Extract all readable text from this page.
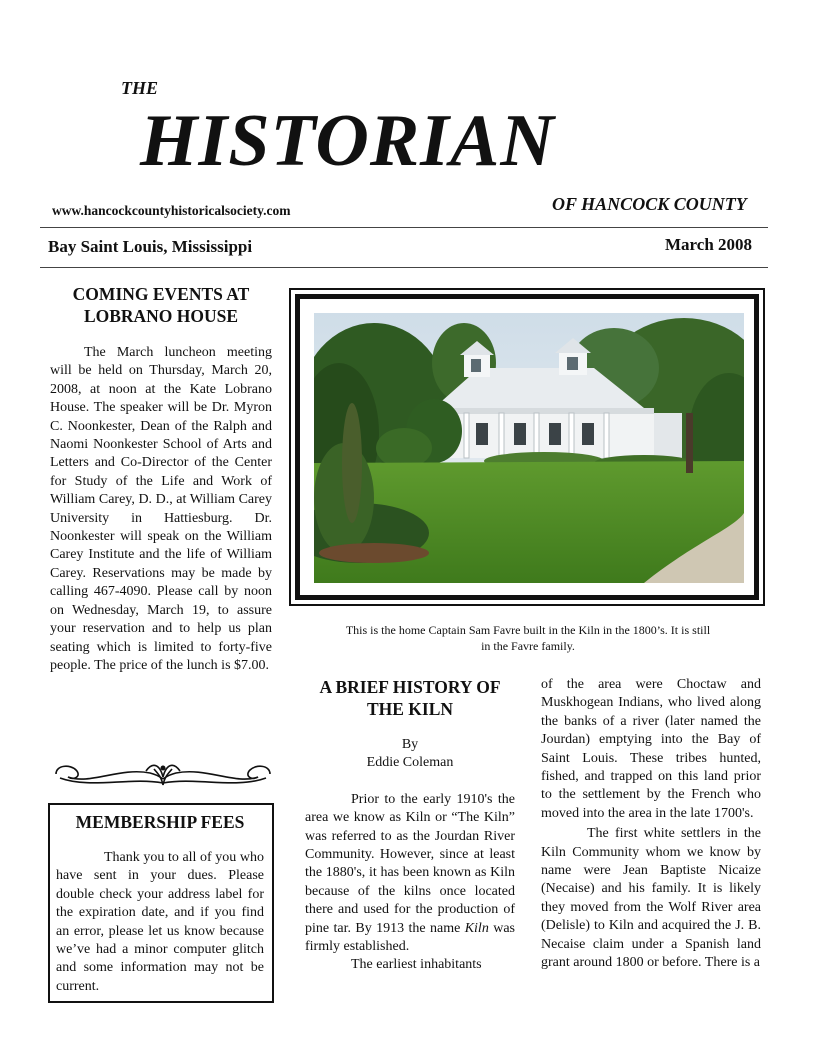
THE
HISTORIAN
www.hancockcountyhistoricalsociety.com	OF HANCOCK COUNTY
Bay Saint Louis, Mississippi	March 2008
COMING EVENTS AT LOBRANO HOUSE

The March luncheon meeting will be held on Thursday, March 20, 2008, at noon at the Kate Lobrano House. The speaker will be Dr. Myron C. Noonkester, Dean of the Ralph and Naomi Noonkester School of Arts and Letters and Co-Director of the Center for Study of the Life and Work of William Carey, D. D., at William Carey University in Hattiesburg. Dr. Noonkester will speak on the William Carey Institute and the life of William Carey. Reservations may be made by calling 467-4090. Please call by noon on Wednesday, March 19, to assure your reservation and to help us plan seating which is limited to forty-five people. The price of the lunch is $7.00.

MEMBERSHIP FEES

Thank you to all of you who have sent in your dues. Please double check your address label for the expiration date, and if you find an error, please let us know because we’ve had a minor computer glitch and some information may not be current.

This is the home Captain Sam Favre built in the Kiln in the 1800’s. It is still
in the Favre family.
A BRIEF HISTORY OF THE KILN
By
Eddie Coleman

Prior to the early 1910's the area we know as Kiln or “The Kiln” was referred to as the Jourdan River Community. However, since at least the 1880's, it has been known as Kiln because of the kilns once located there and used for the production of pine tar. By 1913 the name Kiln was firmly established.

The earliest inhabitants

of the area were Choctaw and Muskhogean Indians, who lived along the banks of a river (later named the Jourdan) emptying into the Bay of Saint Louis. These tribes hunted, fished, and trapped on this land prior to the settlement by the French who moved into the area in the late 1700's.

The first white settlers in the Kiln Community whom we know by name were Jean Baptiste Nicaize (Necaise) and his family. It is likely they moved from the Wolf River area (Delisle) to Kiln and acquired the J. B. Necaise claim under a Spanish land grant around 1800 or before. There is a
